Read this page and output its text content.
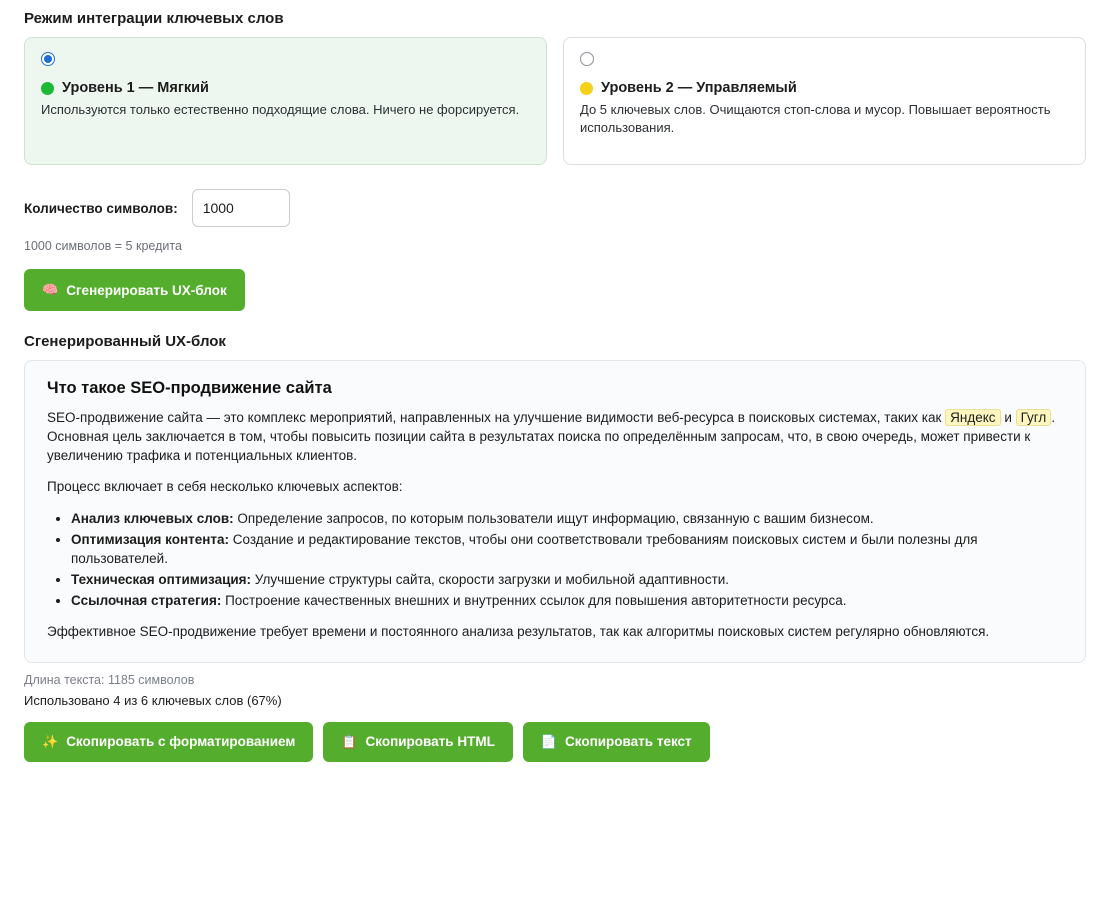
Режим интеграции ключевых слов
Уровень 1 — Мягкий
Используются только естественно подходящие слова. Ничего не форсируется.
Уровень 2 — Управляемый
До 5 ключевых слов. Очищаются стоп-слова и мусор. Повышает вероятность использования.
Количество символов:
1000
1000 символов = 5 кредита
🧠 Сгенерировать UX-блок
Сгенерированный UX-блок
Что такое SEO-продвижение сайта

SEO-продвижение сайта — это комплекс мероприятий, направленных на улучшение видимости веб-ресурса в поисковых системах, таких как Яндекс и Гугл . Основная цель заключается в том, чтобы повысить позиции сайта в результатах поиска по определённым запросам, что, в свою очередь, может привести к увеличению трафика и потенциальных клиентов.

Процесс включает в себя несколько ключевых аспектов:

• Анализ ключевых слов: Определение запросов, по которым пользователи ищут информацию, связанную с вашим бизнесом.
• Оптимизация контента: Создание и редактирование текстов, чтобы они соответствовали требованиям поисковых систем и были полезны для пользователей.
• Техническая оптимизация: Улучшение структуры сайта, скорости загрузки и мобильной адаптивности.
• Ссылочная стратегия: Построение качественных внешних и внутренних ссылок для повышения авторитетности ресурса.

Эффективное SEO-продвижение требует времени и постоянного анализа результатов, так как алгоритмы поисковых систем регулярно обновляются.

Длина текста: 1185 символов
Использовано 4 из 6 ключевых слов (67%)
✨ Скопировать с форматированием	📋 Скопировать HTML	📄 Скопировать текст
